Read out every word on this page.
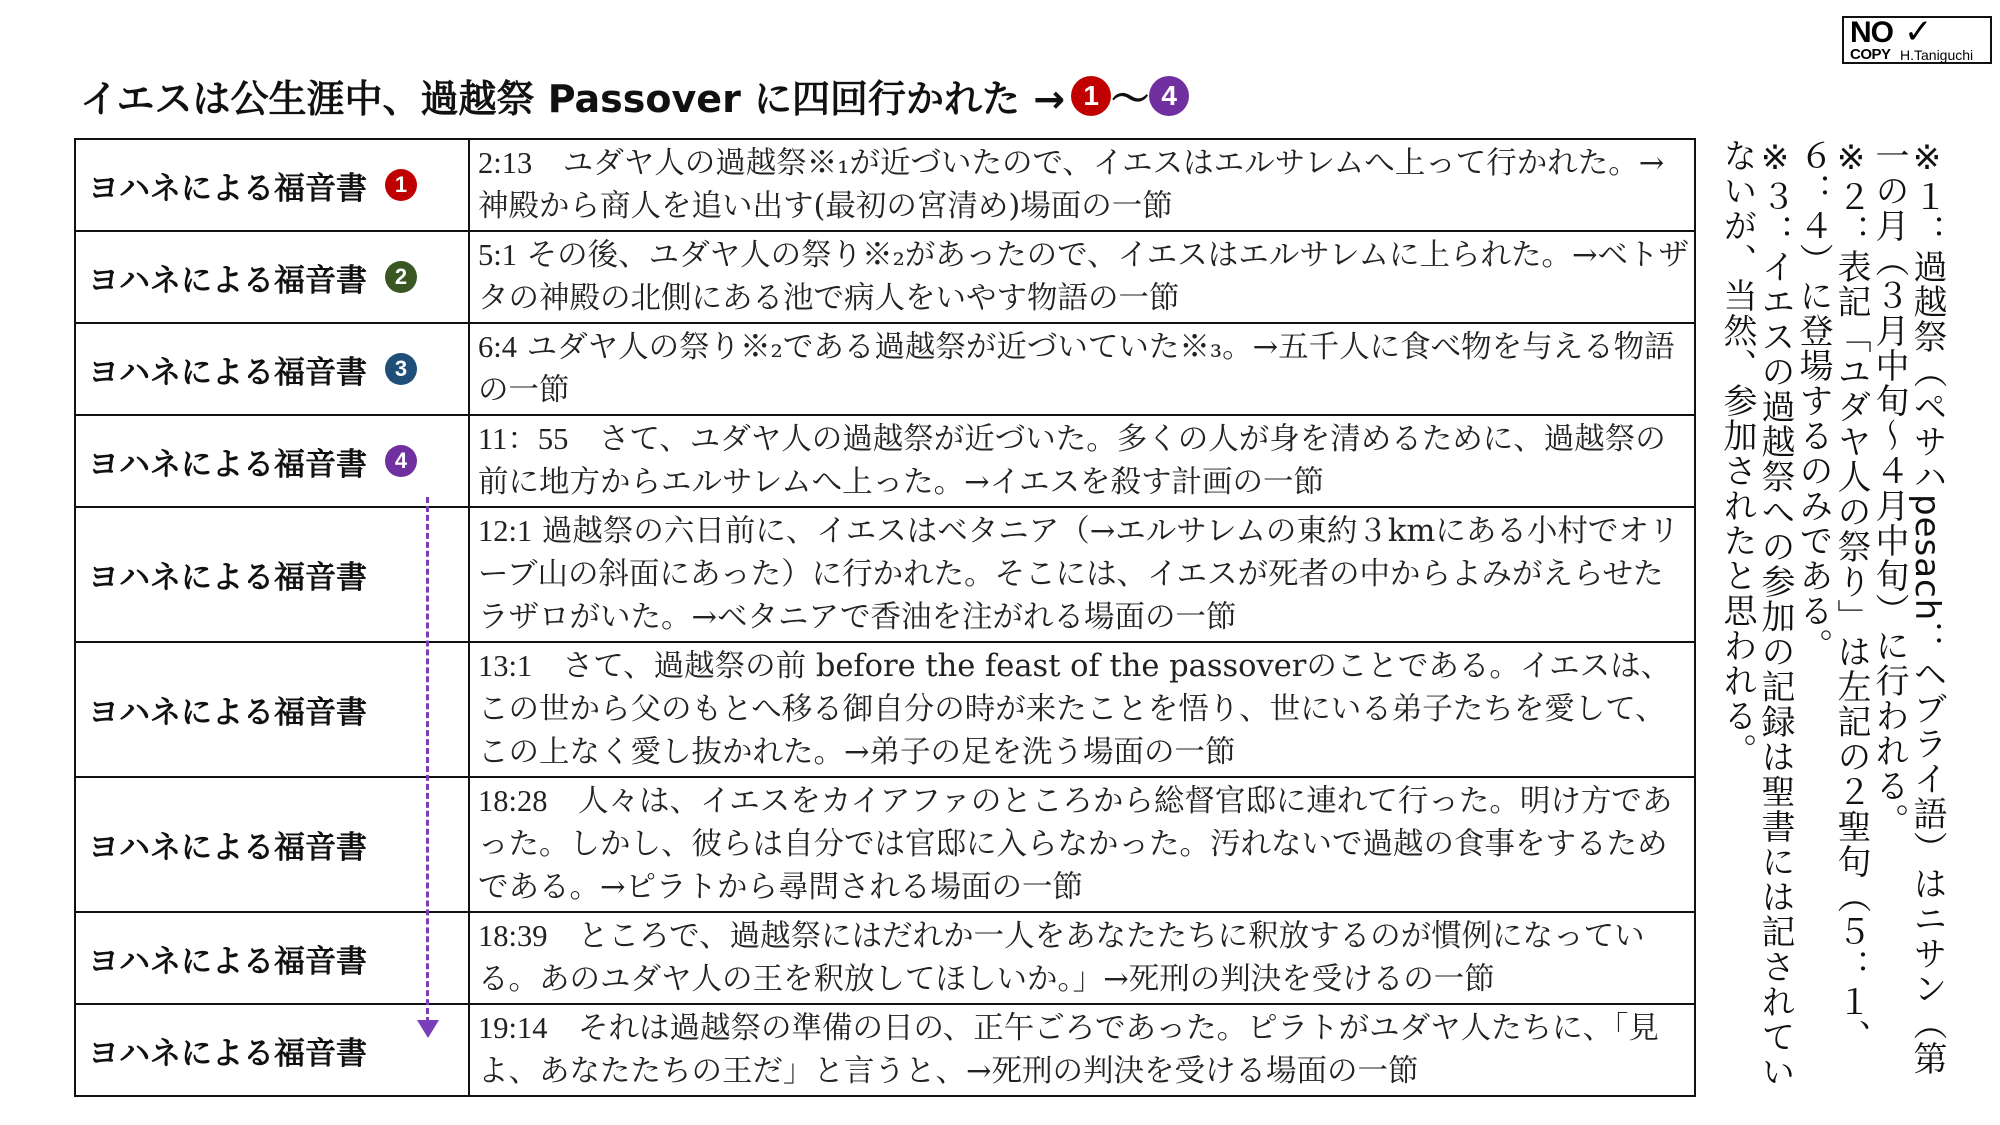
NO ✓
COPY H.Taniguchi
イエスは公生涯中、過越祭 Passover に四回行かれた → 1 〜 4
ヨハネによる福音書 1	2:13　ユダヤ人の過越祭※₁が近づいたので、イエスはエルサレムへ上って行かれた。→神殿から商人を追い出す(最初の宮清め)場面の一節

ヨハネによる福音書 2	5:1 その後、ユダヤ人の祭り※₂があったので、イエスはエルサレムに上られた。→ベトザタの神殿の北側にある池で病人をいやす物語の一節

ヨハネによる福音書 3	6:4 ユダヤ人の祭り※₂である過越祭が近づいていた※₃。→五千人に食べ物を与える物語の一節

ヨハネによる福音書 4	11：55　さて、ユダヤ人の過越祭が近づいた。多くの人が身を清めるために、過越祭の前に地方からエルサレムへ上った。→イエスを殺す計画の一節

ヨハネによる福音書	12:1 過越祭の六日前に、イエスはベタニア（→エルサレムの東約３kmにある小村でオリーブ山の斜面にあった）に行かれた。そこには、イエスが死者の中からよみがえらせたラザロがいた。→ベタニアで香油を注がれる場面の一節

ヨハネによる福音書	13:1　さて、過越祭の前 before the feast of the passoverのことである。イエスは、この世から父のもとへ移る御自分の時が来たことを悟り、世にいる弟子たちを愛して、この上なく愛し抜かれた。→弟子の足を洗う場面の一節

ヨハネによる福音書	18:28　人々は、イエスをカイアファのところから総督官邸に連れて行った。明け方であった。しかし、彼らは自分では官邸に入らなかった。汚れないで過越の食事をするためである。→ピラトから尋問される場面の一節

ヨハネによる福音書	18:39　ところで、過越祭にはだれか一人をあなたたちに釈放するのが慣例になっている。あのユダヤ人の王を釈放してほしいか。」→死刑の判決を受けるの一節

ヨハネによる福音書	19:14　それは過越祭の準備の日の、正午ごろであった。ピラトがユダヤ人たちに、「見よ、あなたたちの王だ」と言うと、→死刑の判決を受ける場面の一節	※１：過越祭（ペサハpesach：ヘブライ語）はニサン（第一の月（３月中旬～４月中旬）に行われる。

※２：表記「ユダヤ人の祭り」は左記の２聖句（５：１、６：４）に登場するのみである。

※３：イエスの過越祭への参加の記録は聖書には記されていないが、当然、参加されたと思われる。
